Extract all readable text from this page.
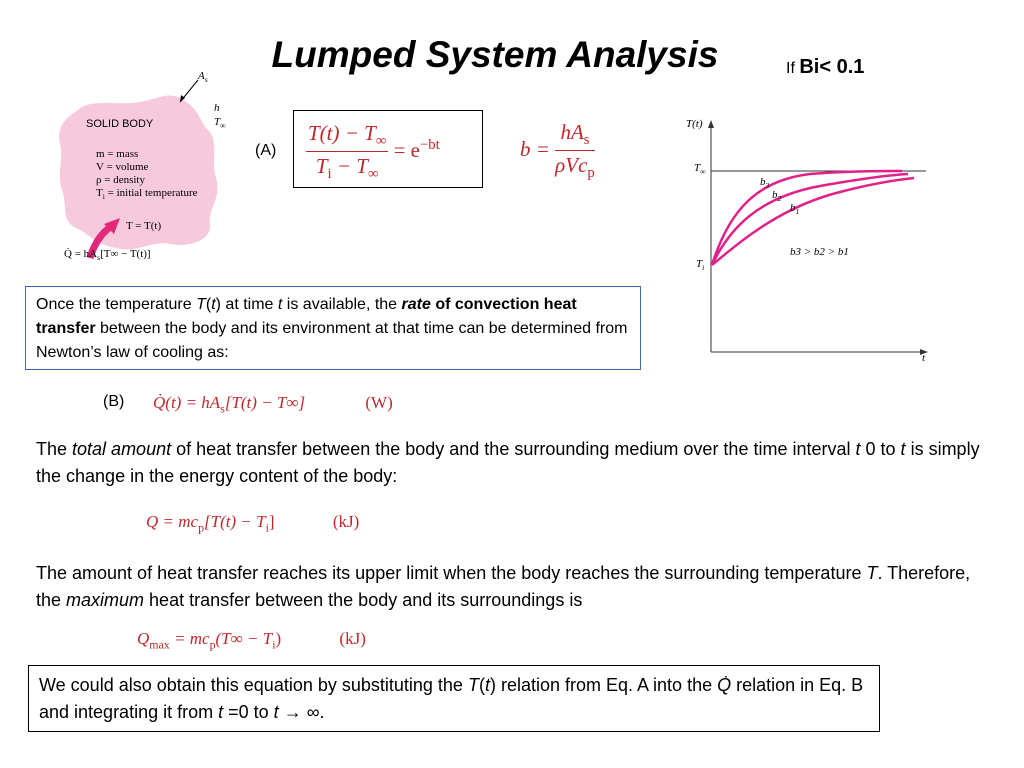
Lumped System Analysis	If Bi< 0.1
$A_s$
h
$T_\infty$
SOLID BODY
m = mass
V = volume
ρ = density
$T_i$ = initial temperature
T = T(t)
Q̇ = $hA_s[T\infty - T(t)]$
$(A) \frac{T(t) - T_\infty}{T_i - T_\infty} = e^{-bt}$	$b = \frac{hA_s}{\rho Vc_p}$	T(t)
t
$T_\infty$
$T_i$
$b_3$
$b_2$
$b_1$
b3 > b2 > b1
Once the temperature T(t) at time t is available, the rate of convection heat transfer between the body and its environment at that time can be determined from Newton’s law of cooling as:
(B) Q̇(t) = $hA_s[T(t) - T\infty]$	(W)
The total amount of heat transfer between the body and the surrounding medium over the time interval t 0 to t is simply the change in the energy content of the body:
$Q = mc_p[T(t) - T_i]$	(kJ)
The amount of heat transfer reaches its upper limit when the body reaches the surrounding temperature T. Therefore, the maximum heat transfer between the body and its surroundings is
$Q_{max} = mc_p(T\infty - T_i)$	(kJ)
We could also obtain this equation by substituting the T(t) relation from Eq. A into the Q̇ relation in Eq. B and integrating it from t =0 to t → ∞.
